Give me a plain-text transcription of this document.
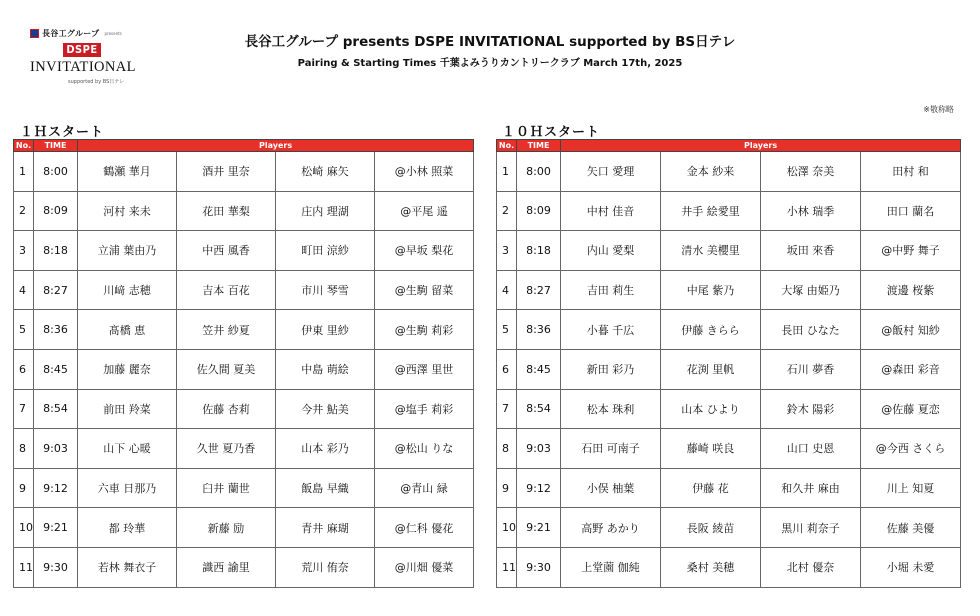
長谷工グループ presents
DSPE
INVITATIONAL
supported by BS日テレ
長谷工グループ presents DSPE INVITATIONAL supported by BS日テレ
Pairing & Starting Times 千葉よみうりカントリークラブ March 17th, 2025
※敬称略
１Ｈスタート	１０Ｈスタート
No.	TIME	Players			
1	8:00	鶴瀬 華月	酒井 里奈	松崎 麻矢	@小林 照菜
2	8:09	河村 来未	花田 華梨	庄内 理湖	@平尾 遥
3	8:18	立浦 葉由乃	中西 風香	町田 涼紗	@早坂 梨花
4	8:27	川﨑 志穂	吉本 百花	市川 琴雪	@生駒 留菜
5	8:36	髙橋 恵	笠井 紗夏	伊東 里紗	@生駒 莉彩
6	8:45	加藤 麗奈	佐久間 夏美	中島 萌絵	@西澤 里世
7	8:54	前田 羚菜	佐藤 杏莉	今井 鮎美	@塩手 莉彩
8	9:03	山下 心暖	久世 夏乃香	山本 彩乃	@松山 りな
9	9:12	六車 日那乃	臼井 蘭世	飯島 早織	@青山 緑
10	9:21	都 玲華	新藤 励	青井 麻瑚	@仁科 優花
11	9:30	若林 舞衣子	識西 諭里	荒川 侑奈	@川畑 優菜
No.	TIME	Players			
1	8:00	矢口 愛理	金本 紗来	松澤 奈美	田村 和
2	8:09	中村 佳音	井手 絵愛里	小林 瑞季	田口 蘭名
3	8:18	内山 愛梨	清水 美櫻里	坂田 來香	@中野 舞子
4	8:27	吉田 莉生	中尾 紫乃	大塚 由姫乃	渡邊 桜紫
5	8:36	小暮 千広	伊藤 きらら	長田 ひなた	@飯村 知紗
6	8:45	新田 彩乃	花渕 里帆	石川 夢香	@森田 彩音
7	8:54	松本 珠利	山本 ひより	鈴木 陽彩	@佐藤 夏恋
8	9:03	石田 可南子	藤崎 咲良	山口 史恩	@今西 さくら
9	9:12	小俣 柚葉	伊藤 花	和久井 麻由	川上 知夏
10	9:21	高野 あかり	長阪 綾苗	黒川 莉奈子	佐藤 美優
11	9:30	上堂薗 伽純	桑村 美穂	北村 優奈	小堀 未愛
